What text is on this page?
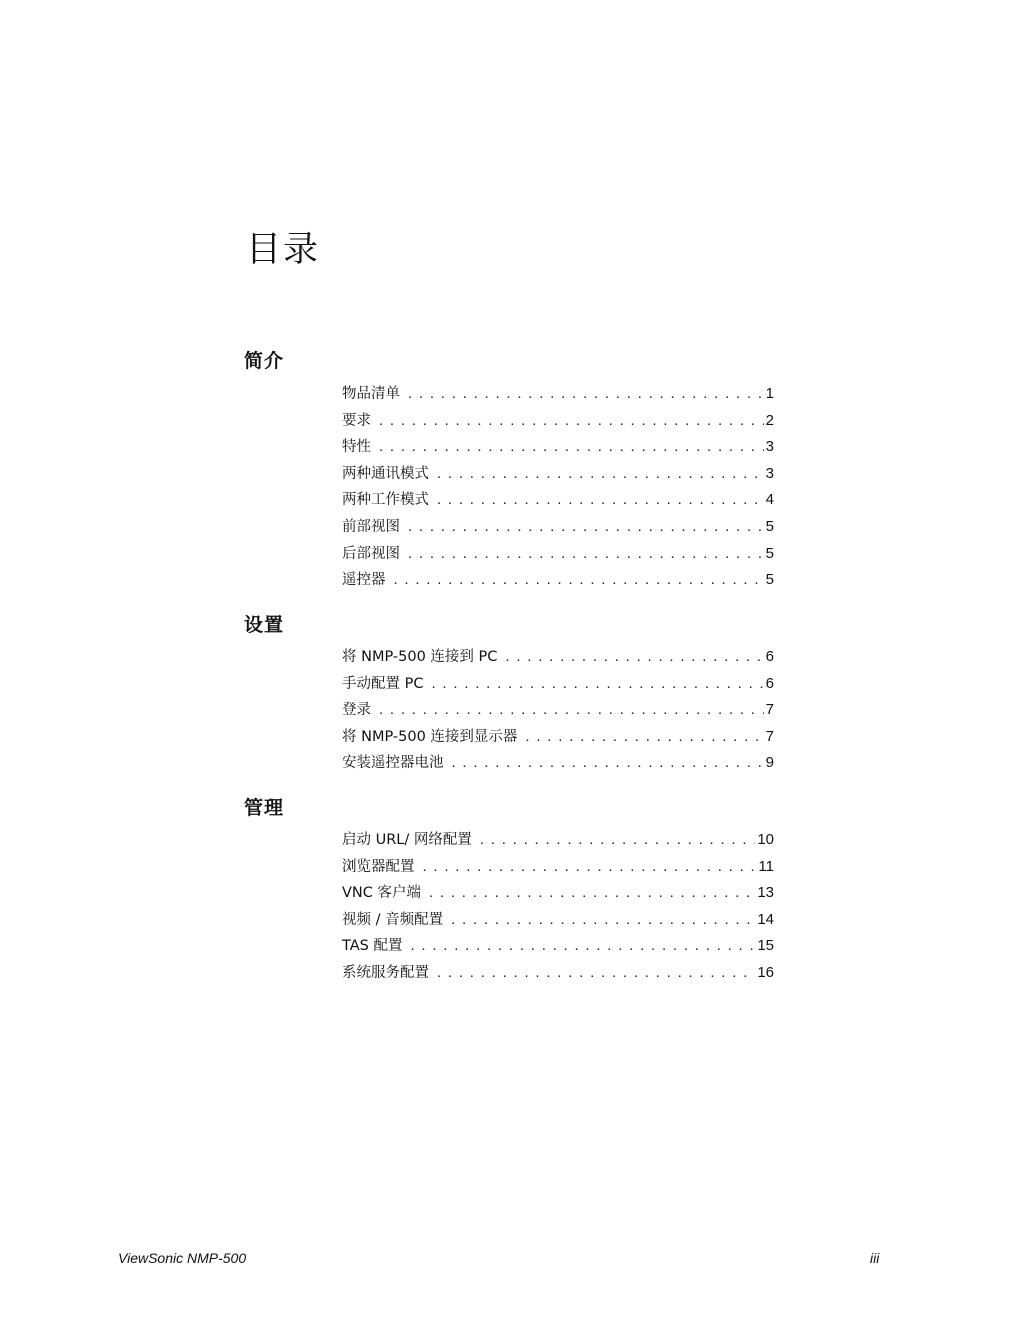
目录
简介
物品清单 . . .	1
要求 . . .	2
特性 . . .	3
两种通讯模式 . . .	3
两种工作模式 . . .	4
前部视图 . . .	5
后部视图 . . .	5
遥控器 . . .	5
设置
将 NMP-500 连接到 PC . . .	6
手动配置 PC . . .	6
登录 . . .	7
将 NMP-500 连接到显示器 . . .	7
安装遥控器电池 . . .	9
管理
启动 URL/ 网络配置 . . .	10
浏览器配置 . . .	11
VNC 客户端 . . .	13
视频 / 音频配置 . . .	14
TAS 配置 . . .	15
系统服务配置 . . .	16
ViewSonic NMP-500	iii
